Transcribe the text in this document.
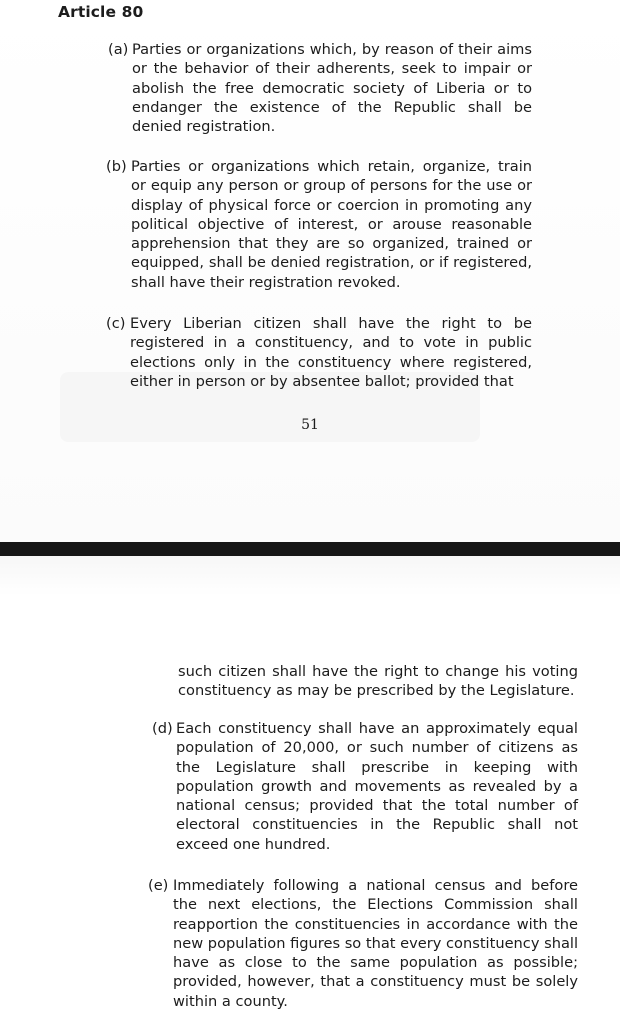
Article 80
(a) Parties or organizations which, by reason of their aims or the behavior of their adherents, seek to impair or abolish the free democratic society of Liberia or to endanger the existence of the Republic shall be denied registration.
(b) Parties or organizations which retain, organize, train or equip any person or group of persons for the use or display of physical force or coercion in promoting any political objective of interest, or arouse reasonable apprehension that they are so organized, trained or equipped, shall be denied registration, or if registered, shall have their registration revoked.
(c) Every Liberian citizen shall have the right to be registered in a constituency, and to vote in public elections only in the constituency where registered, either in person or by absentee ballot; provided that
51
such citizen shall have the right to change his voting constituency as may be prescribed by the Legislature.
(d) Each constituency shall have an approximately equal population of 20,000, or such number of citizens as the Legislature shall prescribe in keeping with population growth and movements as revealed by a national census; provided that the total number of electoral constituencies in the Republic shall not exceed one hundred.
(e) Immediately following a national census and before the next elections, the Elections Commission shall reapportion the constituencies in accordance with the new population figures so that every constituency shall have as close to the same population as possible; provided, however, that a constituency must be solely within a county.
